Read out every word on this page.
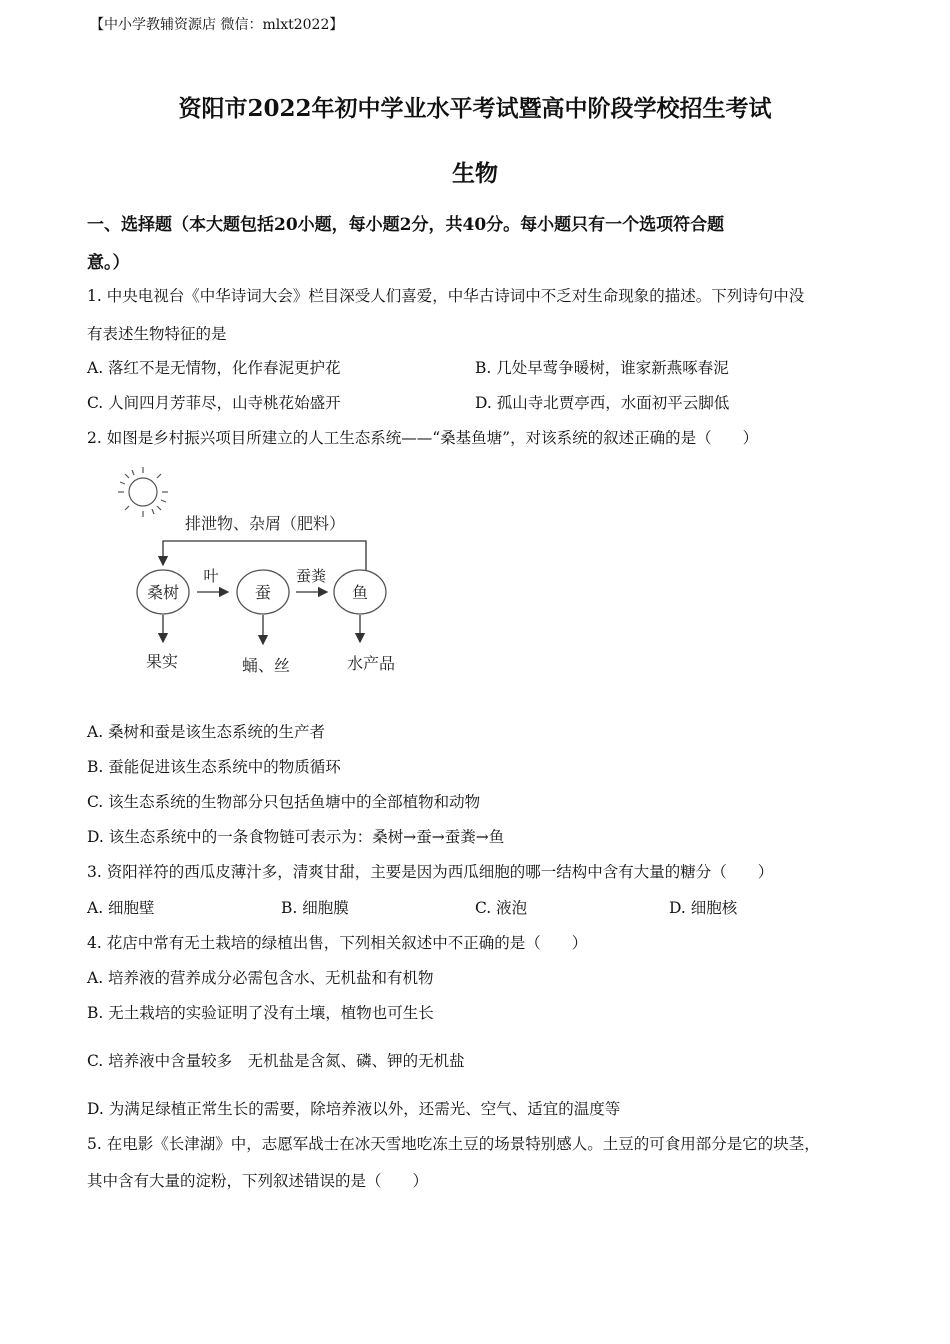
【中小学教辅资源店 微信：mlxt2022】
资阳市2022年初中学业水平考试暨高中阶段学校招生考试
生物
一、选择题（本大题包括20小题，每小题2分，共40分。每小题只有一个选项符合题
意。）
1. 中央电视台《中华诗词大会》栏目深受人们喜爱，中华古诗词中不乏对生命现象的描述。下列诗句中没
有表述生物特征的是
A. 落红不是无情物，化作春泥更护花	B. 几处早莺争暖树，谁家新燕啄春泥
C. 人间四月芳菲尽，山寺桃花始盛开	D. 孤山寺北贾亭西，水面初平云脚低
2. 如图是乡村振兴项目所建立的人工生态系统——“桑基鱼塘”，对该系统的叙述正确的是（　　）
排泄物、杂屑（肥料）
桑树	蚕	鱼
叶	蚕粪
果实	蛹、丝	水产品
A. 桑树和蚕是该生态系统的生产者
B. 蚕能促进该生态系统中的物质循环
C. 该生态系统的生物部分只包括鱼塘中的全部植物和动物
D. 该生态系统中的一条食物链可表示为：桑树→蚕→蚕粪→鱼
3. 资阳祥符的西瓜皮薄汁多，清爽甘甜，主要是因为西瓜细胞的哪一结构中含有大量的糖分（　　）
A. 细胞壁	B. 细胞膜	C. 液泡	D. 细胞核
4. 花店中常有无土栽培的绿植出售，下列相关叙述中不正确的是（　　）
A. 培养液的营养成分必需包含水、无机盐和有机物
B. 无土栽培的实验证明了没有土壤，植物也可生长
C. 培养液中含量较多　无机盐是含氮、磷、钾的无机盐
D. 为满足绿植正常生长的需要，除培养液以外，还需光、空气、适宜的温度等
5. 在电影《长津湖》中，志愿军战士在冰天雪地吃冻土豆的场景特别感人。土豆的可食用部分是它的块茎，
其中含有大量的淀粉，下列叙述错误的是（　　）
